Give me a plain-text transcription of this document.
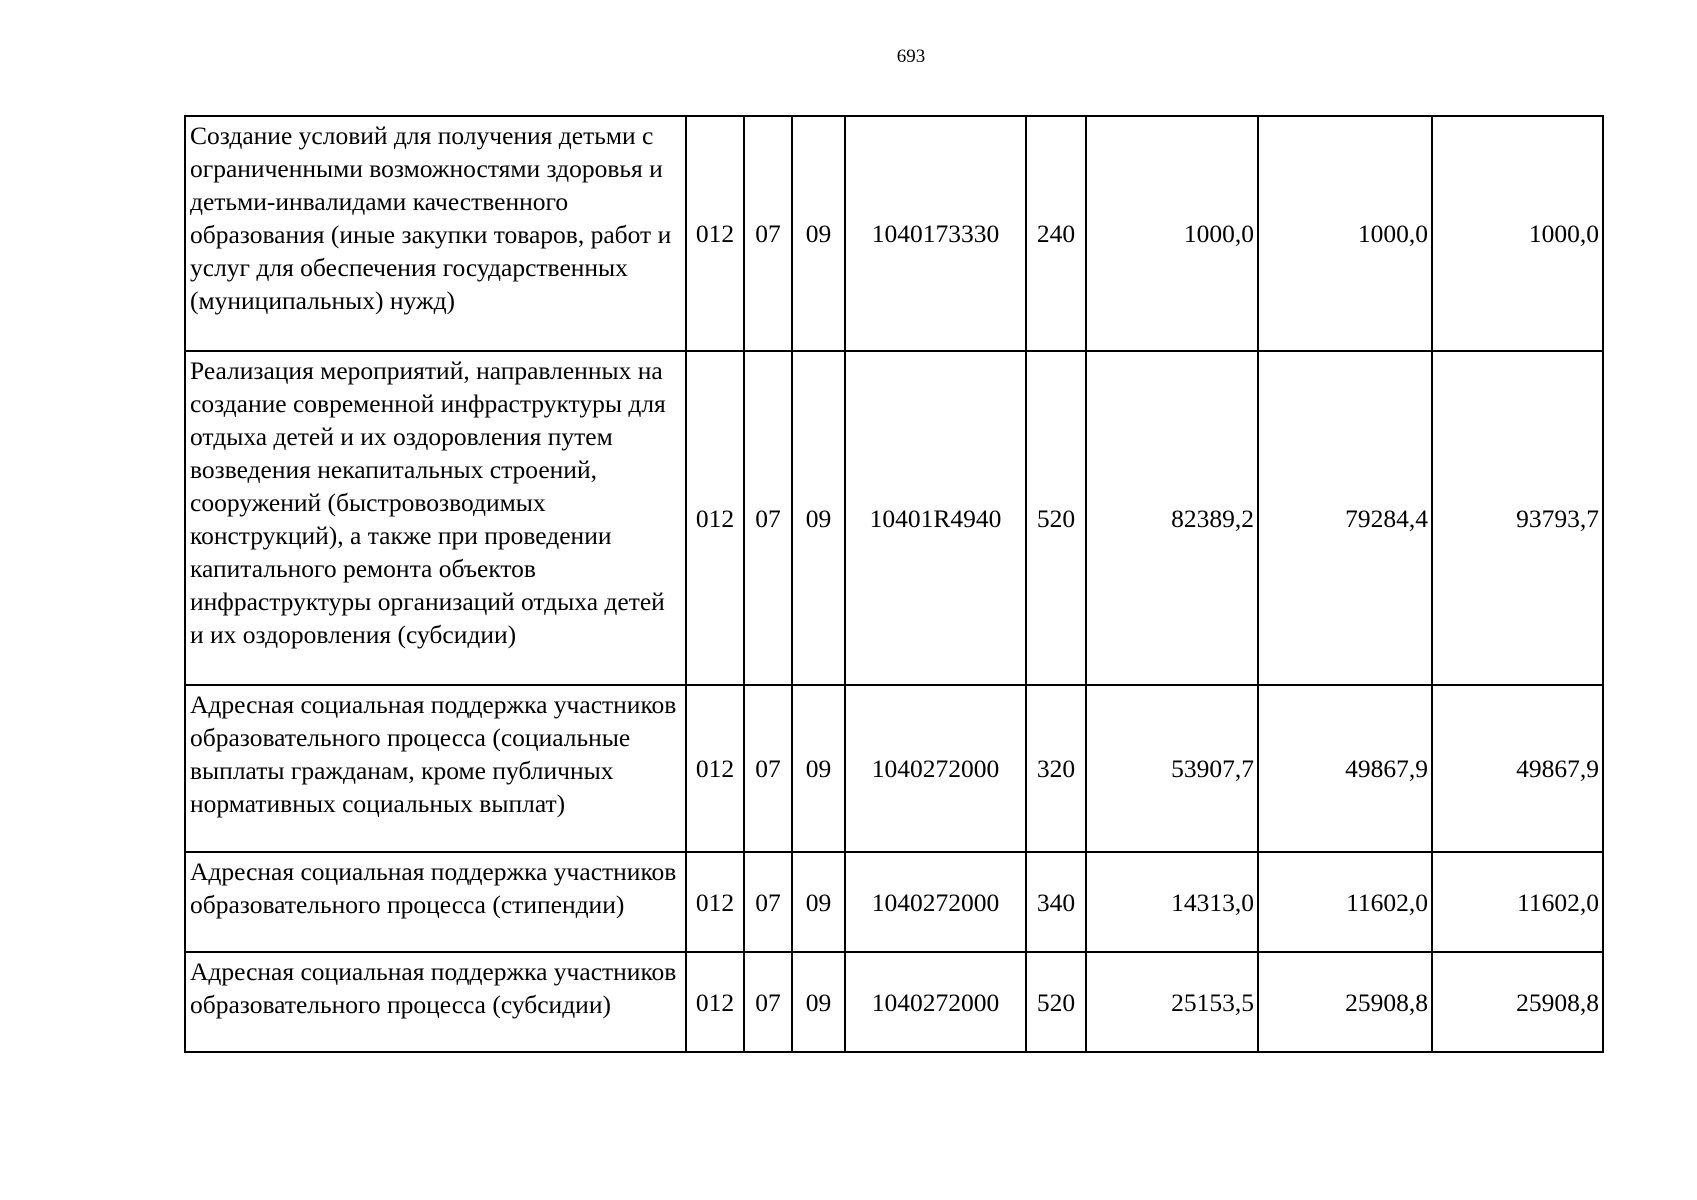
693
Создание условий для получения детьми с ограниченными возможностями здоровья и детьми-инвалидами качественного образования (иные закупки товаров, работ и услуг для обеспечения государственных (муниципальных) нужд)	012	07	09	1040173330	240	1000,0	1000,0	1000,0
Реализация мероприятий, направленных на создание современной инфраструктуры для отдыха детей и их оздоровления путем возведения некапитальных строений, сооружений (быстровозводимых конструкций), а также при проведении капитального ремонта объектов инфраструктуры организаций отдыха детей и их оздоровления (субсидии)	012	07	09	10401R4940	520	82389,2	79284,4	93793,7
Адресная социальная поддержка участников образовательного процесса (социальные выплаты гражданам, кроме публичных нормативных социальных выплат)	012	07	09	1040272000	320	53907,7	49867,9	49867,9
Адресная социальная поддержка участников образовательного процесса (стипендии)	012	07	09	1040272000	340	14313,0	11602,0	11602,0
Адресная социальная поддержка участников образовательного процесса (субсидии)	012	07	09	1040272000	520	25153,5	25908,8	25908,8
